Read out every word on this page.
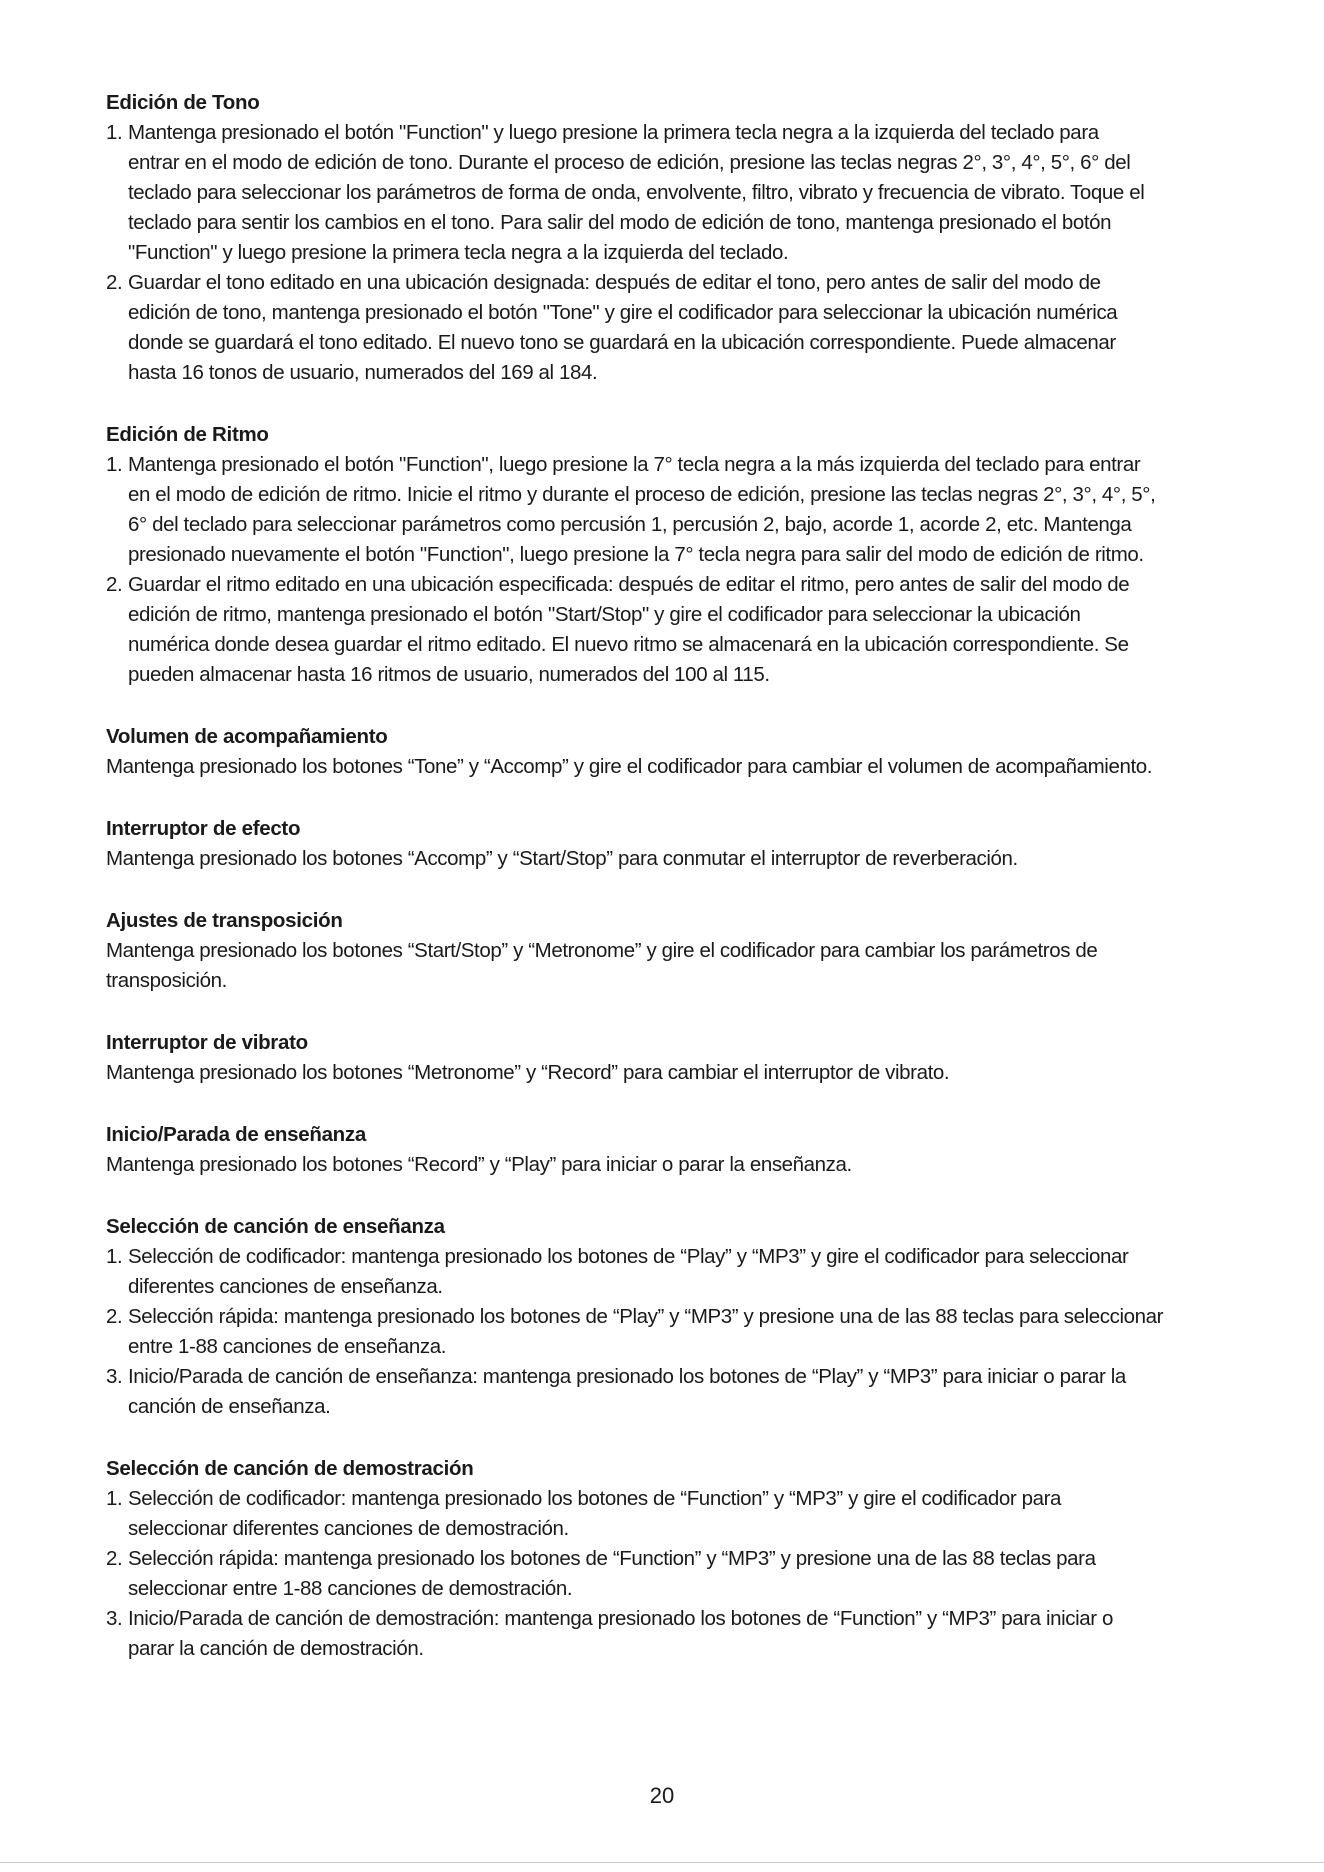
Edición de Tono
1. Mantenga presionado el botón "Function" y luego presione la primera tecla negra a la izquierda del teclado para
entrar en el modo de edición de tono. Durante el proceso de edición, presione las teclas negras 2°, 3°, 4°, 5°, 6° del
teclado para seleccionar los parámetros de forma de onda, envolvente, filtro, vibrato y frecuencia de vibrato. Toque el
teclado para sentir los cambios en el tono. Para salir del modo de edición de tono, mantenga presionado el botón
"Function" y luego presione la primera tecla negra a la izquierda del teclado.
2. Guardar el tono editado en una ubicación designada: después de editar el tono, pero antes de salir del modo de
edición de tono, mantenga presionado el botón "Tone" y gire el codificador para seleccionar la ubicación numérica
donde se guardará el tono editado. El nuevo tono se guardará en la ubicación correspondiente. Puede almacenar
hasta 16 tonos de usuario, numerados del 169 al 184.
Edición de Ritmo
1. Mantenga presionado el botón "Function", luego presione la 7° tecla negra a la más izquierda del teclado para entrar
en el modo de edición de ritmo. Inicie el ritmo y durante el proceso de edición, presione las teclas negras 2°, 3°, 4°, 5°,
6° del teclado para seleccionar parámetros como percusión 1, percusión 2, bajo, acorde 1, acorde 2, etc. Mantenga
presionado nuevamente el botón "Function", luego presione la 7° tecla negra para salir del modo de edición de ritmo.
2. Guardar el ritmo editado en una ubicación especificada: después de editar el ritmo, pero antes de salir del modo de
edición de ritmo, mantenga presionado el botón "Start/Stop" y gire el codificador para seleccionar la ubicación
numérica donde desea guardar el ritmo editado. El nuevo ritmo se almacenará en la ubicación correspondiente. Se
pueden almacenar hasta 16 ritmos de usuario, numerados del 100 al 115.
Volumen de acompañamiento
Mantenga presionado los botones “Tone” y “Accomp” y gire el codificador para cambiar el volumen de acompañamiento.
Interruptor de efecto
Mantenga presionado los botones “Accomp” y “Start/Stop” para conmutar el interruptor de reverberación.
Ajustes de transposición
Mantenga presionado los botones “Start/Stop” y “Metronome” y gire el codificador para cambiar los parámetros de
transposición.
Interruptor de vibrato
Mantenga presionado los botones “Metronome” y “Record” para cambiar el interruptor de vibrato.
Inicio/Parada de enseñanza
Mantenga presionado los botones “Record” y “Play” para iniciar o parar la enseñanza.
Selección de canción de enseñanza
1. Selección de codificador: mantenga presionado los botones de “Play” y “MP3” y gire el codificador para seleccionar
diferentes canciones de enseñanza.
2. Selección rápida: mantenga presionado los botones de “Play” y “MP3” y presione una de las 88 teclas para seleccionar
entre 1-88 canciones de enseñanza.
3. Inicio/Parada de canción de enseñanza: mantenga presionado los botones de “Play” y “MP3” para iniciar o parar la
canción de enseñanza.
Selección de canción de demostración
1. Selección de codificador: mantenga presionado los botones de “Function” y “MP3” y gire el codificador para
seleccionar diferentes canciones de demostración.
2. Selección rápida: mantenga presionado los botones de “Function” y “MP3” y presione una de las 88 teclas para
seleccionar entre 1-88 canciones de demostración.
3. Inicio/Parada de canción de demostración: mantenga presionado los botones de “Function” y “MP3” para iniciar o
parar la canción de demostración.
20
